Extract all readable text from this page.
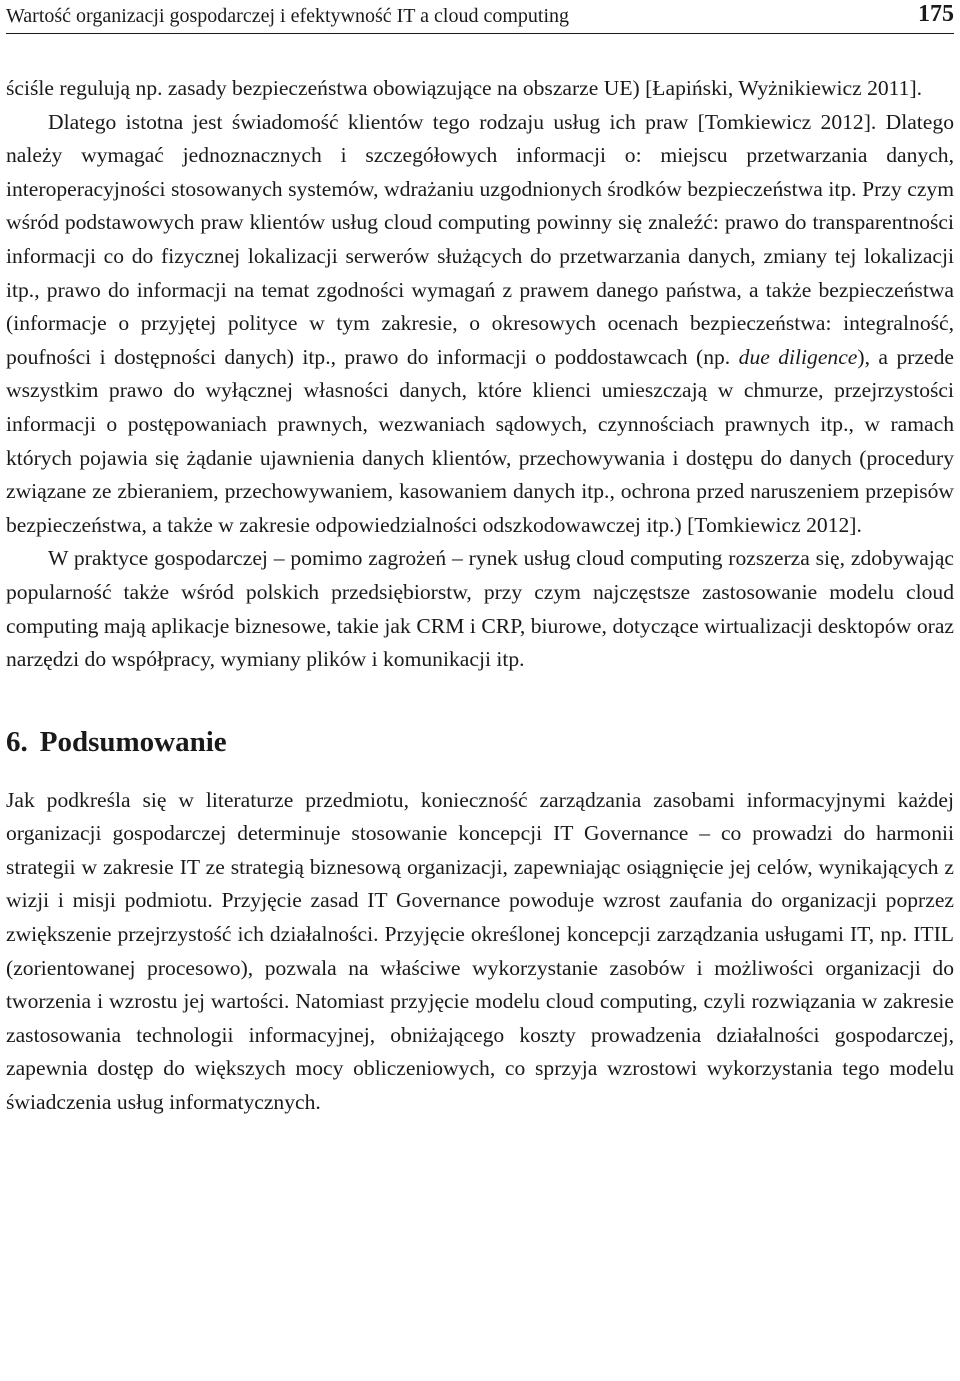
Wartość organizacji gospodarczej i efektywność IT a cloud computing	175

ściśle regulują np. zasady bezpieczeństwa obowiązujące na obszarze UE) [Łapiński, Wyżnikiewicz 2011].

Dlatego istotna jest świadomość klientów tego rodzaju usług ich praw [Tomkiewicz 2012]. Dlatego należy wymagać jednoznacznych i szczegółowych informacji o: miejscu przetwarzania danych, interoperacyjności stosowanych systemów, wdrażaniu uzgodnionych środków bezpieczeństwa itp. Przy czym wśród podstawowych praw klientów usług cloud computing powinny się znaleźć: prawo do transparentności informacji co do fizycznej lokalizacji serwerów służących do przetwarzania danych, zmiany tej lokalizacji itp., prawo do informacji na temat zgodności wymagań z prawem danego państwa, a także bezpieczeństwa (informacje o przyjętej polityce w tym zakresie, o okresowych ocenach bezpieczeństwa: integralność, poufności i dostępności danych) itp., prawo do informacji o poddostawcach (np. due diligence), a przede wszystkim prawo do wyłącznej własności danych, które klienci umieszczają w chmurze, przejrzystości informacji o postępowaniach prawnych, wezwaniach sądowych, czynnościach prawnych itp., w ramach których pojawia się żądanie ujawnienia danych klientów, przechowywania i dostępu do danych (procedury związane ze zbieraniem, przechowywaniem, kasowaniem danych itp., ochrona przed naruszeniem przepisów bezpieczeństwa, a także w zakresie odpowiedzialności odszkodowawczej itp.) [Tomkiewicz 2012].

W praktyce gospodarczej – pomimo zagrożeń – rynek usług cloud computing rozszerza się, zdobywając popularność także wśród polskich przedsiębiorstw, przy czym najczęstsze zastosowanie modelu cloud computing mają aplikacje biznesowe, takie jak CRM i CRP, biurowe, dotyczące wirtualizacji desktopów oraz narzędzi do współpracy, wymiany plików i komunikacji itp.

6. Podsumowanie

Jak podkreśla się w literaturze przedmiotu, konieczność zarządzania zasobami informacyjnymi każdej organizacji gospodarczej determinuje stosowanie koncepcji IT Governance – co prowadzi do harmonii strategii w zakresie IT ze strategią biznesową organizacji, zapewniając osiągnięcie jej celów, wynikających z wizji i misji podmiotu. Przyjęcie zasad IT Governance powoduje wzrost zaufania do organizacji poprzez zwiększenie przejrzystość ich działalności. Przyjęcie określonej koncepcji zarządzania usługami IT, np. ITIL (zorientowanej procesowo), pozwala na właściwe wykorzystanie zasobów i możliwości organizacji do tworzenia i wzrostu jej wartości. Natomiast przyjęcie modelu cloud computing, czyli rozwiązania w zakresie zastosowania technologii informacyjnej, obniżającego koszty prowadzenia działalności gospodarczej, zapewnia dostęp do większych mocy obliczeniowych, co sprzyja wzrostowi wykorzystania tego modelu świadczenia usług informatycznych.
